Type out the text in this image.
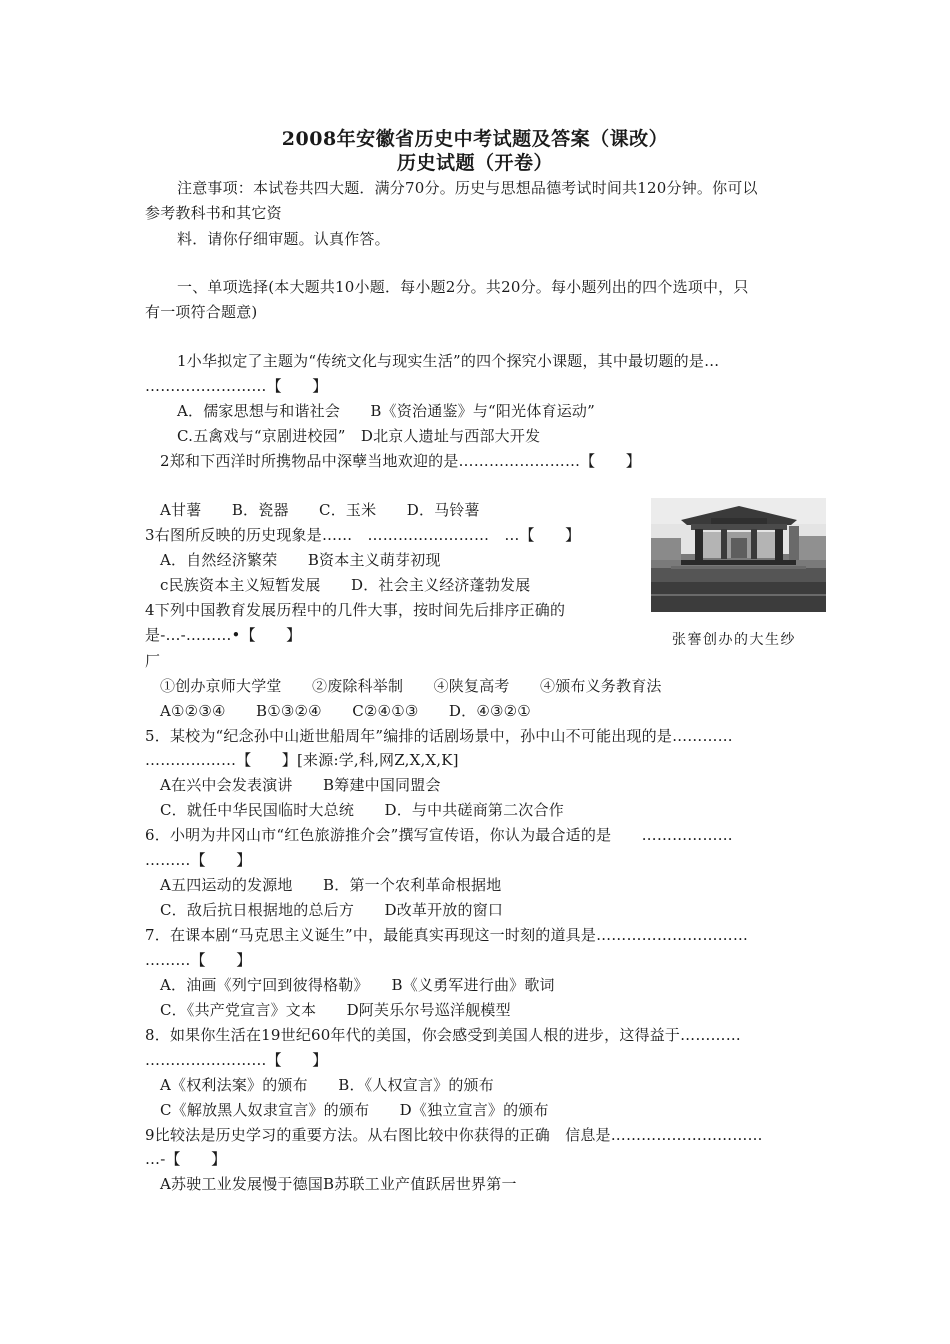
2008年安徽省历史中考试题及答案（课改）
历史试题（开卷）
注意事项：本试卷共四大题．满分70分。历史与思想品德考试时间共120分钟。你可以
参考教科书和其它资
料．请你仔细审题。认真作答。
一、单项选择(本大题共10小题．每小题2分。共20分。每小题列出的四个选项中，只
有一项符合题意)
1小华拟定了主题为“传统文化与现实生活”的四个探究小课题，其中最切题的是…
……………………【　　】
A．儒家思想与和谐社会　　B《资治通鉴》与“阳光体育运动”
C.五禽戏与“京剧进校园”　D北京人遗址与西部大开发
2郑和下西洋时所携物品中深孽当地欢迎的是……………………【　　】
A甘薯　　B．瓷器　　C．玉米　　D．马铃薯
3右图所反映的历史现象是……　……………………　…【　　】
A．自然经济繁荣　　B资本主义萌芽初现
c民族资本主义短暂发展　　D．社会主义经济蓬勃发展
张謇创办的大生纱
4下列中国教育发展历程中的几件大事，按时间先后排序正确的
是-…-………•【　　】
厂
①创办京师大学堂　　②废除科举制　　④陕复高考　　④颁布义务教育法
A①②③④　　B①③②④　　C②④①③　　D．④③②①
5．某校为“纪念孙中山逝世船周年”编排的话剧场景中，孙中山不可能出现的是…………
………………【　　】[来源:学,科,网Z,X,X,K]
A在兴中会发表演讲　　B筹建中国同盟会
C．就任中华民国临时大总统　　D．与中共磋商第二次合作
6．小明为井冈山市“红色旅游推介会”撰写宣传语，你认为最合适的是　　………………
………【　　】
A五四运动的发源地　　B．第一个农利革命根据地
C．敌后抗日根据地的总后方　　D改革开放的窗口
7．在课本剧“马克思主义诞生”中，最能真实再现这一时刻的道具是…………………………
………【　　】
A．油画《列宁回到彼得格勒》　　B《义勇军进行曲》歌词
C．《共产党宣言》文本　　D阿芙乐尔号巡洋舰模型
8．如果你生活在19世纪60年代的美国，你会感受到美国人根的进步，这得益于…………
……………………【　　】
A《权利法案》的颁布　　B．《人权宣言》的颁布
C《解放黑人奴隶宣言》的颁布　　D《独立宣言》的颁布
9比较法是历史学习的重要方法。从右图比较中你获得的正确　信息是…………………………
…-【　　】
A苏驶工业发展慢于德国B苏联工业产值跃居世界第一
